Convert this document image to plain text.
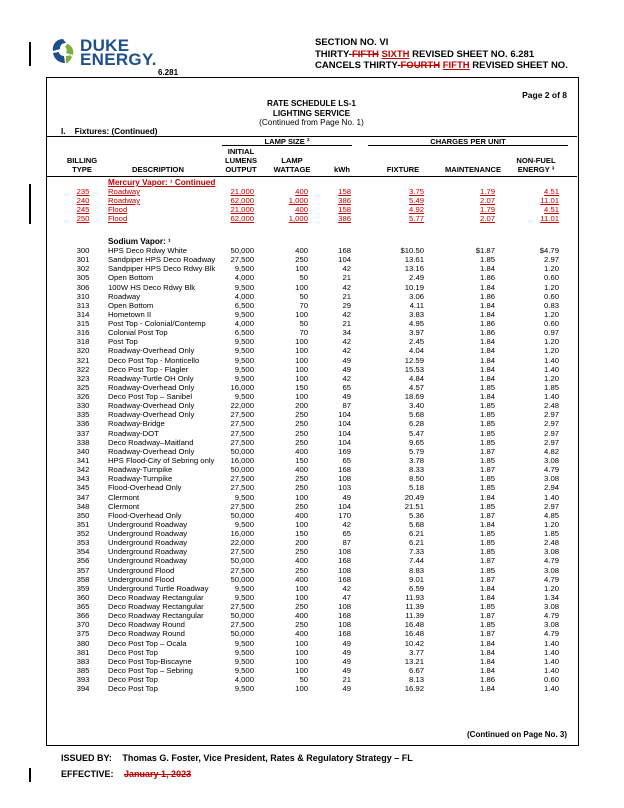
DUKE
ENERGY.
6.281
SECTION NO. VI
THIRTY-FIFTH SIXTH REVISED SHEET NO. 6.281
CANCELS THIRTY-FOURTH FIFTH REVISED SHEET NO.
Page 2 of 8
RATE SCHEDULE LS-1
LIGHTING SERVICE
(Continued from Page No. 1)
I.    Fixtures: (Continued)
LAMP SIZE ²	CHARGES PER UNIT
INITIAL
LUMENS
OUTPUT
BILLING
TYPE	DESCRIPTION
LAMP
WATTAGE	kWh	FIXTURE	MAINTENANCE
NON-FUEL
ENERGY ³
Mercury Vapor: ¹ Continued
235	Roadway	21,000	400	158	3.75	1.79	4.51
240	Roadway	62,000	1,000	386	5.49	2.07	11.01
245	Flood	21,000	400	158	4.92	1.79	4.51
250	Flood	62,000	1,000	386	5.77	2.07	11.01
Sodium Vapor: ¹
300	HPS Deco Rdwy White	50,000	400	168	$10.50	$1.87	$4.79
301	Sandpiper HPS Deco Roadway	27,500	250	104	13.61	1.85	2.97
302	Sandpiper HPS Deco Rdwy Blk	9,500	100	42	13.16	1.84	1.20
305	Open Bottom	4,000	50	21	2.49	1.86	0.60
306	100W HS Deco Rdwy Blk	9,500	100	42	10.19	1.84	1.20
310	Roadway	4,000	50	21	3.06	1.86	0.60
313	Open Bottom	6,500	70	29	4.11	1.84	0.83
314	Hometown II	9,500	100	42	3.83	1.84	1.20
315	Post Top - Colonial/Contemp	4,000	50	21	4.95	1.86	0.60
316	Colonial Post Top	6,500	70	34	3.97	1.86	0.97
318	Post Top	9,500	100	42	2.45	1.84	1.20
320	Roadway-Overhead Only	9,500	100	42	4.04	1.84	1.20
321	Deco Post Top - Monticello	9,500	100	49	12.59	1.84	1.40
322	Deco Post Top - Flagler	9,500	100	49	15.53	1.84	1.40
323	Roadway-Turtle OH Only	9,500	100	42	4.84	1.84	1.20
325	Roadway-Overhead Only	16,000	150	65	4.57	1.85	1.85
326	Deco Post Top – Sanibel	9,500	100	49	18.69	1.84	1.40
330	Roadway-Overhead Only	22,000	200	87	3.40	1.85	2.48
335	Roadway-Overhead Only	27,500	250	104	5.68	1.85	2.97
336	Roadway-Bridge	27,500	250	104	6.28	1.85	2.97
337	Roadway-DOT	27,500	250	104	5.47	1.85	2.97
338	Deco Roadway–Maitland	27,500	250	104	9.65	1.85	2.97
340	Roadway-Overhead Only	50,000	400	169	5.79	1.87	4.82
341	HPS Flood-City of Sebring only	16,000	150	65	3.78	1.85	3.08
342	Roadway-Turnpike	50,000	400	168	8.33	1.87	4.79
343	Roadway-Turnpike	27,500	250	108	8.50	1.85	3.08
345	Flood-Overhead Only	27,500	250	103	5.18	1.85	2.94
347	Clermont	9,500	100	49	20.49	1.84	1.40
348	Clermont	27,500	250	104	21.51	1.85	2.97
350	Flood-Overhead Only	50,000	400	170	5.36	1.87	4.85
351	Underground Roadway	9,500	100	42	5.68	1.84	1.20
352	Underground Roadway	16,000	150	65	6.21	1.85	1.85
353	Underground Roadway	22,000	200	87	6.21	1.85	2.48
354	Underground Roadway	27,500	250	108	7.33	1.85	3.08
356	Underground Roadway	50,000	400	168	7.44	1.87	4.79
357	Underground Flood	27,500	250	108	8.83	1.85	3.08
358	Underground Flood	50,000	400	168	9.01	1.87	4.79
359	Underground Turtle Roadway	9,500	100	42	6.59	1.84	1.20
360	Deco Roadway Rectangular	9,500	100	47	11.93	1.84	1.34
365	Deco Roadway Rectangular	27,500	250	108	11.39	1.85	3.08
366	Deco Roadway Rectangular	50,000	400	168	11.39	1.87	4.79
370	Deco Roadway Round	27,500	250	108	16.48	1.85	3.08
375	Deco Roadway Round	50,000	400	168	16.48	1.87	4.79
380	Deco Post Top – Ocala	9,500	100	49	10.42	1.84	1.40
381	Deco Post Top	9,500	100	49	3.77	1.84	1.40
383	Deco Post Top-Biscayne	9,500	100	49	13.21	1.84	1.40
385	Deco Post Top – Sebring	9,500	100	49	6.67	1.84	1.40
393	Deco Post Top	4,000	50	21	8.13	1.86	0.60
394	Deco Post Top	9,500	100	49	16.92	1.84	1.40
(Continued on Page No. 3)
ISSUED BY: Thomas G. Foster, Vice President, Rates & Regulatory Strategy – FL
EFFECTIVE: January 1, 2023
